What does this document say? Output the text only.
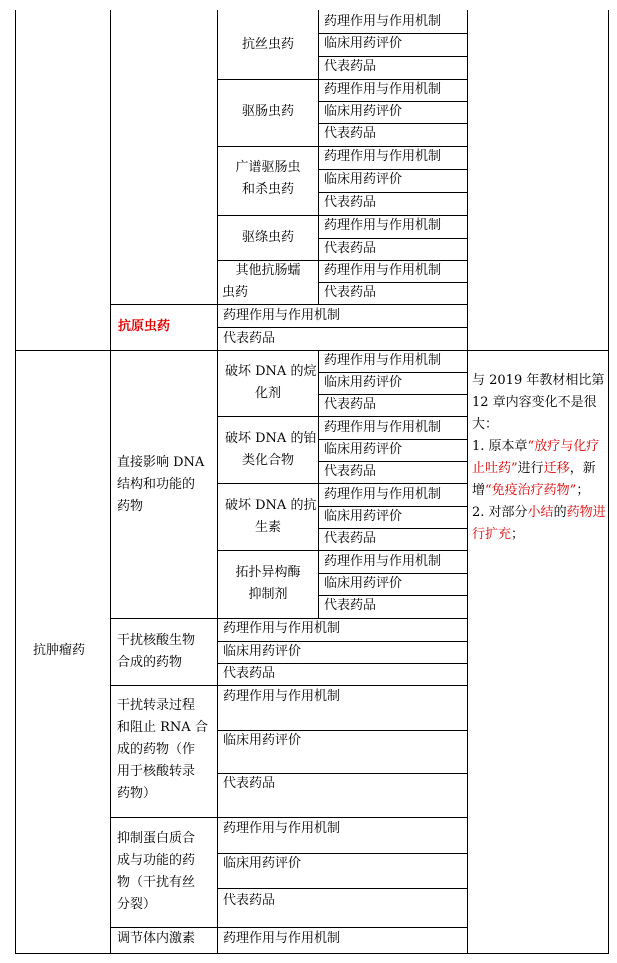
抗丝虫药
驱肠虫药
广谱驱肠虫
和杀虫药
驱绦虫药
其他抗肠蠕
虫药
药理作用与作用机制
临床用药评价
代表药品
药理作用与作用机制
临床用药评价
代表药品
药理作用与作用机制
临床用药评价
代表药品
药理作用与作用机制
代表药品
药理作用与作用机制
代表药品
抗原虫药
药理作用与作用机制
代表药品
抗肿瘤药
直接影响 DNA
结构和功能的
药物
破坏 DNA 的烷
化剂
破坏 DNA 的铂
类化合物
破坏 DNA 的抗
生素
拓扑异构酶
抑制剂
药理作用与作用机制
临床用药评价
代表药品
药理作用与作用机制
临床用药评价
代表药品
药理作用与作用机制
临床用药评价
代表药品
药理作用与作用机制
临床用药评价
代表药品
干扰核酸生物
合成的药物
药理作用与作用机制
临床用药评价
代表药品
干扰转录过程
和阻止 RNA 合
成的药物（作
用于核酸转录
药物）
药理作用与作用机制
临床用药评价
代表药品
抑制蛋白质合
成与功能的药
物（干扰有丝
分裂）
药理作用与作用机制
临床用药评价
代表药品
调节体内激素 药理作用与作用机制

与 2019 年教材相比第 12 章内容变化不是很大：

1. 原本章“放疗与化疗止吐药”进行迁移，新增“免疫治疗药物”；

2. 对部分小结的药物进行扩充；
